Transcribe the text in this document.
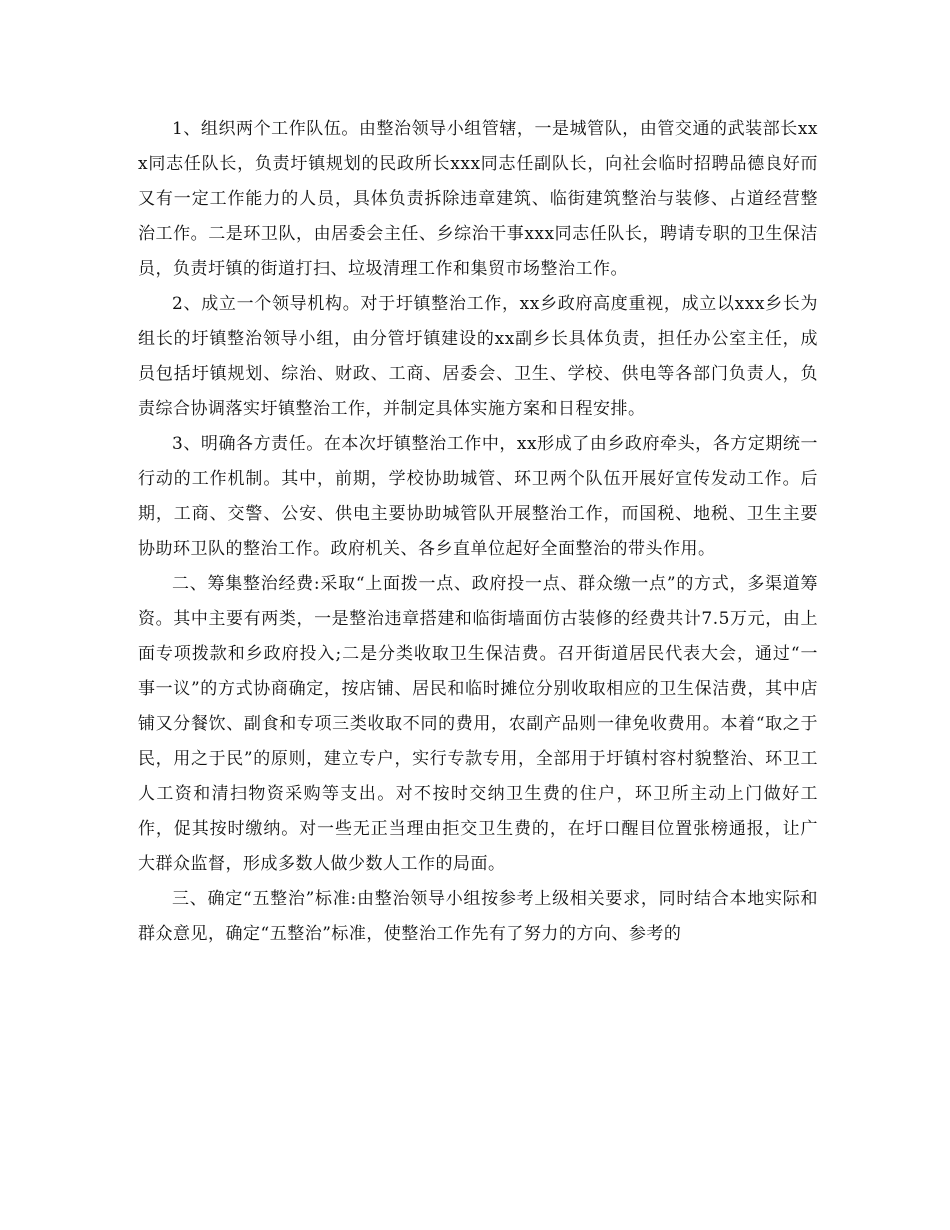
1、组织两个工作队伍。由整治领导小组管辖，一是城管队，由管交通的武装部长xxx同志任队长，负责圩镇规划的民政所长xxx同志任副队长，向社会临时招聘品德良好而又有一定工作能力的人员，具体负责拆除违章建筑、临街建筑整治与装修、占道经营整治工作。二是环卫队，由居委会主任、乡综治干事xxx同志任队长，聘请专职的卫生保洁员，负责圩镇的街道打扫、垃圾清理工作和集贸市场整治工作。

2、成立一个领导机构。对于圩镇整治工作，xx乡政府高度重视，成立以xxx乡长为组长的圩镇整治领导小组，由分管圩镇建设的xx副乡长具体负责，担任办公室主任，成员包括圩镇规划、综治、财政、工商、居委会、卫生、学校、供电等各部门负责人，负责综合协调落实圩镇整治工作，并制定具体实施方案和日程安排。

3、明确各方责任。在本次圩镇整治工作中，xx形成了由乡政府牵头，各方定期统一行动的工作机制。其中，前期，学校协助城管、环卫两个队伍开展好宣传发动工作。后期，工商、交警、公安、供电主要协助城管队开展整治工作，而国税、地税、卫生主要协助环卫队的整治工作。政府机关、各乡直单位起好全面整治的带头作用。

二、筹集整治经费:采取“上面拨一点、政府投一点、群众缴一点”的方式，多渠道筹资。其中主要有两类，一是整治违章搭建和临街墙面仿古装修的经费共计7.5万元，由上面专项拨款和乡政府投入;二是分类收取卫生保洁费。召开街道居民代表大会，通过“一事一议”的方式协商确定，按店铺、居民和临时摊位分别收取相应的卫生保洁费，其中店铺又分餐饮、副食和专项三类收取不同的费用，农副产品则一律免收费用。本着“取之于民，用之于民”的原则，建立专户，实行专款专用，全部用于圩镇村容村貌整治、环卫工人工资和清扫物资采购等支出。对不按时交纳卫生费的住户，环卫所主动上门做好工作，促其按时缴纳。对一些无正当理由拒交卫生费的，在圩口醒目位置张榜通报，让广大群众监督，形成多数人做少数人工作的局面。

三、确定“五整治”标准:由整治领导小组按参考上级相关要求，同时结合本地实际和群众意见，确定“五整治”标准，使整治工作先有了努力的方向、参考的
